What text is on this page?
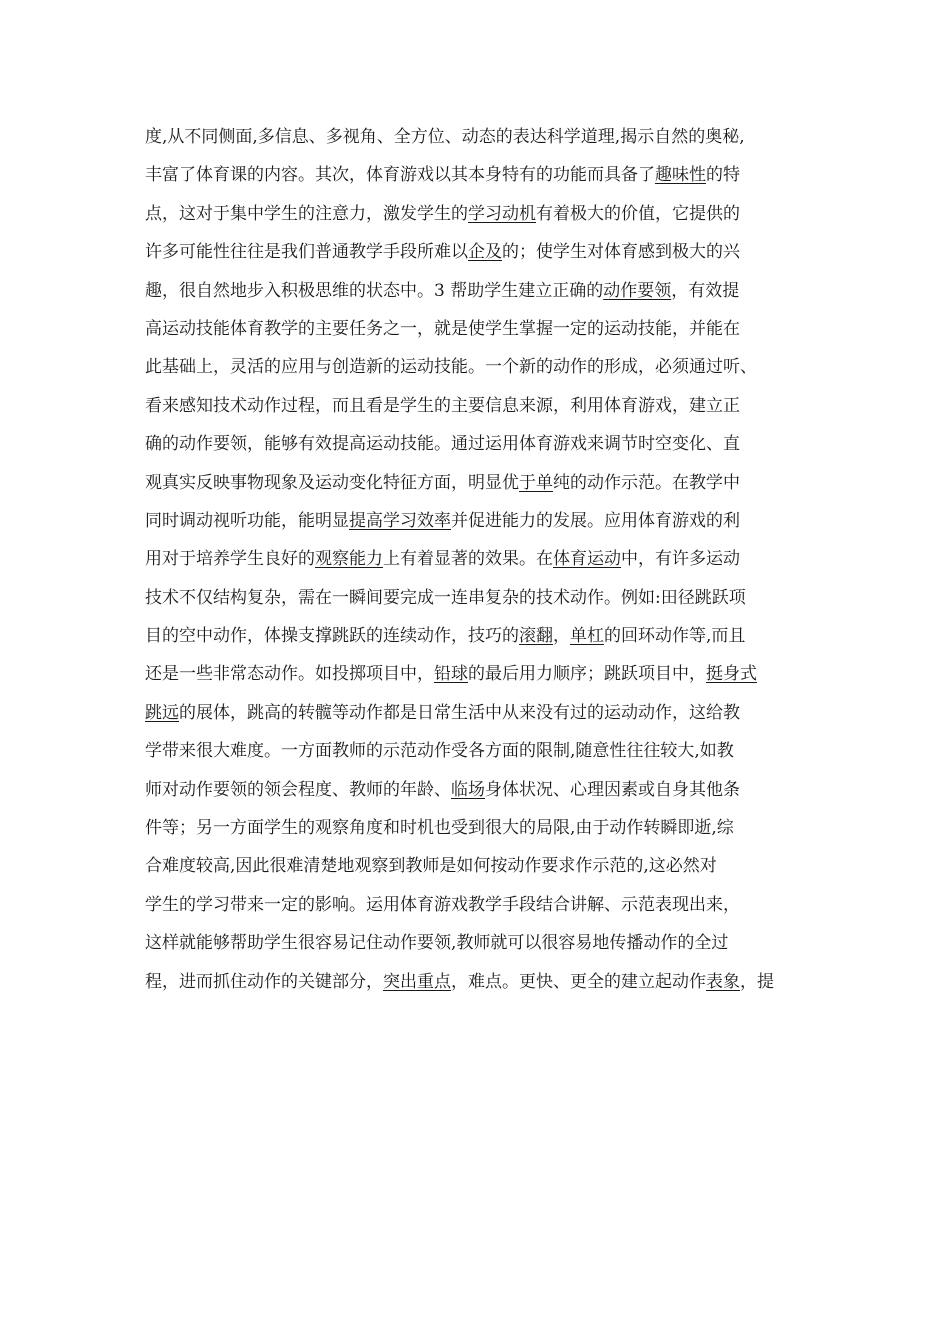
度,从不同侧面,多信息、多视角、全方位、动态的表达科学道理,揭示自然的奥秘,
丰富了体育课的内容。其次，体育游戏以其本身特有的功能而具备了趣味性的特
点，这对于集中学生的注意力，激发学生的学习动机有着极大的价值，它提供的
许多可能性往往是我们普通教学手段所难以企及的；使学生对体育感到极大的兴
趣，很自然地步入积极思维的状态中。3 帮助学生建立正确的动作要领，有效提
高运动技能体育教学的主要任务之一，就是使学生掌握一定的运动技能，并能在
此基础上，灵活的应用与创造新的运动技能。一个新的动作的形成，必须通过听、
看来感知技术动作过程，而且看是学生的主要信息来源，利用体育游戏，建立正
确的动作要领，能够有效提高运动技能。通过运用体育游戏来调节时空变化、直
观真实反映事物现象及运动变化特征方面，明显优于单纯的动作示范。在教学中
同时调动视听功能，能明显提高学习效率并促进能力的发展。应用体育游戏的利
用对于培养学生良好的观察能力上有着显著的效果。在体育运动中，有许多运动
技术不仅结构复杂，需在一瞬间要完成一连串复杂的技术动作。例如:田径跳跃项
目的空中动作，体操支撑跳跃的连续动作，技巧的滚翻，单杠的回环动作等,而且
还是一些非常态动作。如投掷项目中，铅球的最后用力顺序；跳跃项目中，挺身式
跳远的展体，跳高的转髋等动作都是日常生活中从来没有过的运动动作，这给教
学带来很大难度。一方面教师的示范动作受各方面的限制,随意性往往较大,如教
师对动作要领的领会程度、教师的年龄、临场身体状况、心理因素或自身其他条
件等；另一方面学生的观察角度和时机也受到很大的局限,由于动作转瞬即逝,综
合难度较高,因此很难清楚地观察到教师是如何按动作要求作示范的,这必然对
学生的学习带来一定的影响。运用体育游戏教学手段结合讲解、示范表现出来，
这样就能够帮助学生很容易记住动作要领,教师就可以很容易地传播动作的全过
程，进而抓住动作的关键部分，突出重点，难点。更快、更全的建立起动作表象，提
